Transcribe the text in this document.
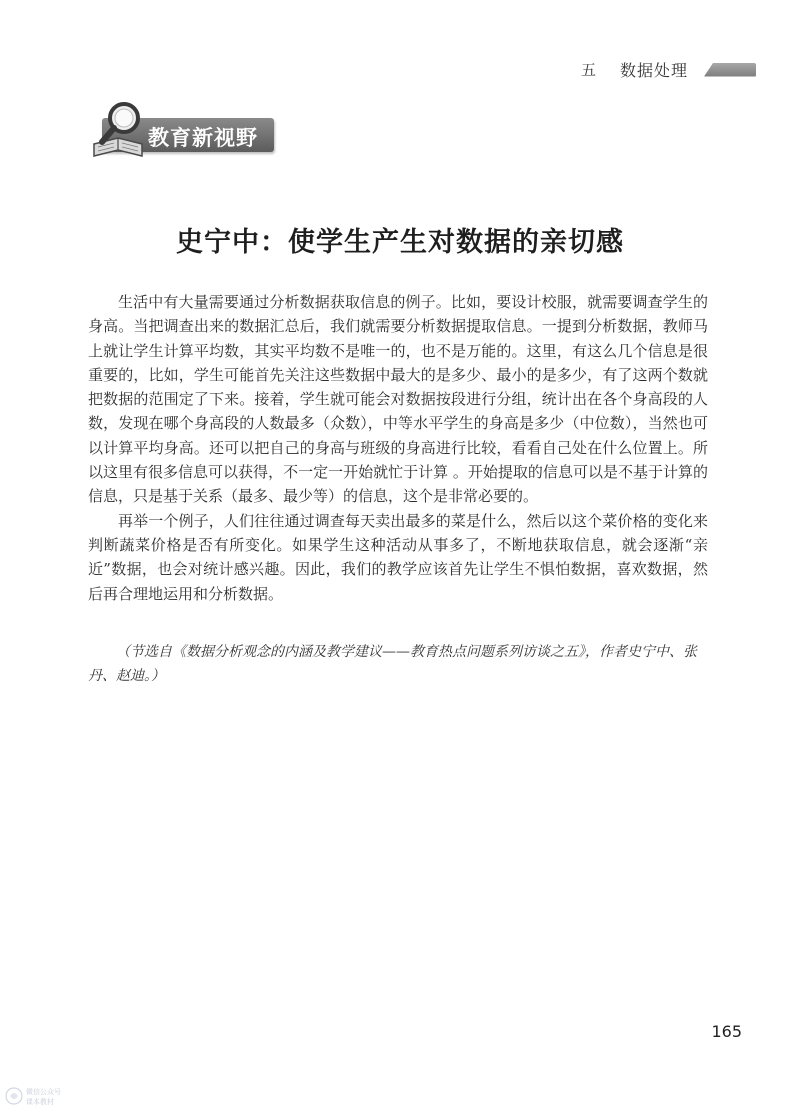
五 数据处理
教育新视野
史宁中：使学生产生对数据的亲切感

生活中有大量需要通过分析数据获取信息的例子。比如，要设计校服，就需要调查学生的身高。当把调查出来的数据汇总后，我们就需要分析数据提取信息。一提到分析数据，教师马上就让学生计算平均数，其实平均数不是唯一的，也不是万能的。这里，有这么几个信息是很重要的，比如，学生可能首先关注这些数据中最大的是多少、最小的是多少，有了这两个数就把数据的范围定了下来。接着，学生就可能会对数据按段进行分组，统计出在各个身高段的人数，发现在哪个身高段的人数最多（众数），中等水平学生的身高是多少（中位数），当然也可以计算平均身高。还可以把自己的身高与班级的身高进行比较，看看自己处在什么位置上。所以这里有很多信息可以获得，不一定一开始就忙于计算 。开始提取的信息可以是不基于计算的信息，只是基于关系（最多、最少等）的信息，这个是非常必要的。

再举一个例子，人们往往通过调查每天卖出最多的菜是什么，然后以这个菜价格的变化来判断蔬菜价格是否有所变化。如果学生这种活动从事多了，不断地获取信息，就会逐渐“亲近”数据，也会对统计感兴趣。因此，我们的教学应该首先让学生不惧怕数据，喜欢数据，然后再合理地运用和分析数据。

（节选自《数据分析观念的内涵及教学建议——教育热点问题系列访谈之五》，作者史宁中、张丹、赵迪。）
165
微信公众号
课本教材
